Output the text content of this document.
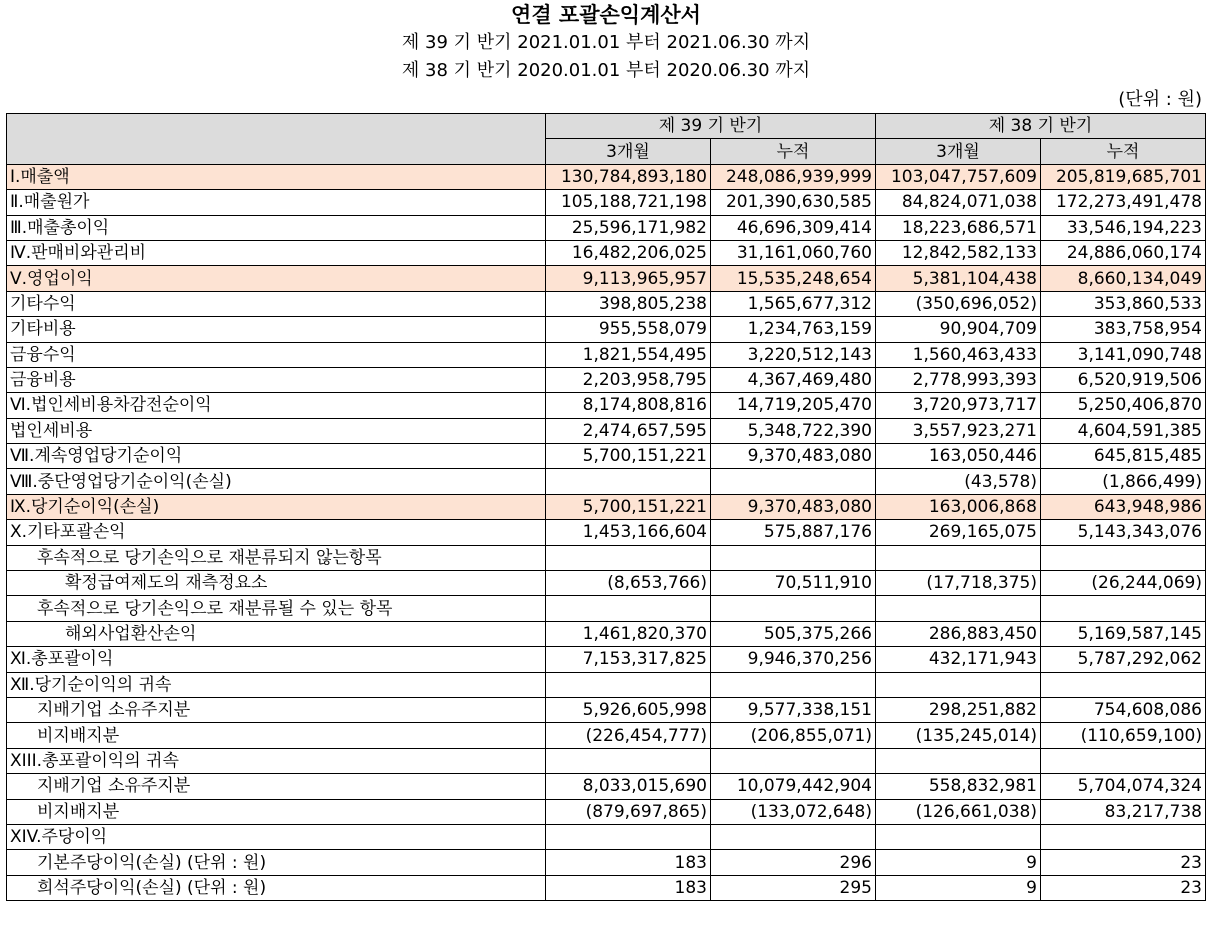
연결 포괄손익계산서
제 39 기 반기 2021.01.01 부터 2021.06.30 까지
제 38 기 반기 2020.01.01 부터 2020.06.30 까지
(단위 : 원)
	제 39 기 반기		제 38 기 반기	
	3개월	누적	3개월	누적
Ⅰ.매출액	130,784,893,180	248,086,939,999	103,047,757,609	205,819,685,701
Ⅱ.매출원가	105,188,721,198	201,390,630,585	84,824,071,038	172,273,491,478
Ⅲ.매출총이익	25,596,171,982	46,696,309,414	18,223,686,571	33,546,194,223
Ⅳ.판매비와관리비	16,482,206,025	31,161,060,760	12,842,582,133	24,886,060,174
Ⅴ.영업이익	9,113,965,957	15,535,248,654	5,381,104,438	8,660,134,049
기타수익	398,805,238	1,565,677,312	(350,696,052)	353,860,533
기타비용	955,558,079	1,234,763,159	90,904,709	383,758,954
금융수익	1,821,554,495	3,220,512,143	1,560,463,433	3,141,090,748
금융비용	2,203,958,795	4,367,469,480	2,778,993,393	6,520,919,506
Ⅵ.법인세비용차감전순이익	8,174,808,816	14,719,205,470	3,720,973,717	5,250,406,870
법인세비용	2,474,657,595	5,348,722,390	3,557,923,271	4,604,591,385
Ⅶ.계속영업당기순이익	5,700,151,221	9,370,483,080	163,050,446	645,815,485
Ⅷ.중단영업당기순이익(손실)			(43,578)	(1,866,499)
Ⅸ.당기순이익(손실)	5,700,151,221	9,370,483,080	163,006,868	643,948,986
Ⅹ.기타포괄손익	1,453,166,604	575,887,176	269,165,075	5,143,343,076
후속적으로 당기손익으로 재분류되지 않는항목				
확정급여제도의 재측정요소	(8,653,766)	70,511,910	(17,718,375)	(26,244,069)
후속적으로 당기손익으로 재분류될 수 있는 항목				
해외사업환산손익	1,461,820,370	505,375,266	286,883,450	5,169,587,145
Ⅺ.총포괄이익	7,153,317,825	9,946,370,256	432,171,943	5,787,292,062
Ⅻ.당기순이익의 귀속				
지배기업 소유주지분	5,926,605,998	9,577,338,151	298,251,882	754,608,086
비지배지분	(226,454,777)	(206,855,071)	(135,245,014)	(110,659,100)
XIII.총포괄이익의 귀속				
지배기업 소유주지분	8,033,015,690	10,079,442,904	558,832,981	5,704,074,324
비지배지분	(879,697,865)	(133,072,648)	(126,661,038)	83,217,738
XIV.주당이익				
기본주당이익(손실) (단위 : 원)	183	296	9	23
희석주당이익(손실) (단위 : 원)	183	295	9	23
